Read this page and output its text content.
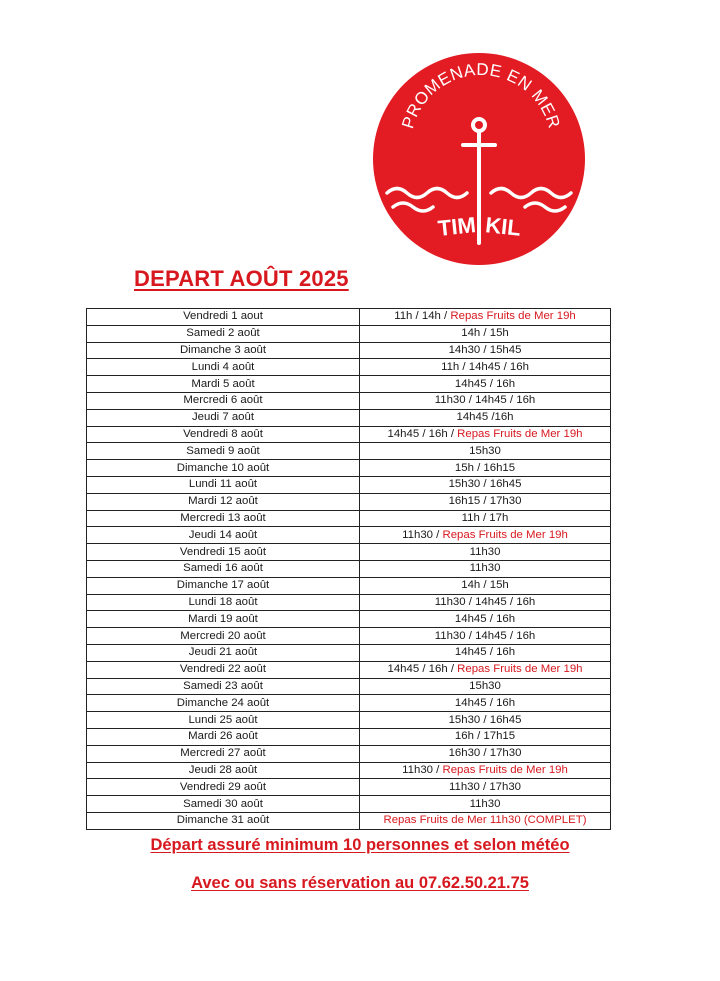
PROMENADE EN MER
TIM KIL
DEPART AOÛT 2025
Vendredi 1 aout	11h / 14h / Repas Fruits de Mer 19h
Samedi 2 août	14h / 15h
Dimanche 3 août	14h30 / 15h45
Lundi 4 août	11h / 14h45 / 16h
Mardi 5 août	14h45 / 16h
Mercredi 6 août	11h30 / 14h45 / 16h
Jeudi 7 août	14h45 /16h
Vendredi 8 août	14h45 / 16h / Repas Fruits de Mer 19h
Samedi 9 août	15h30
Dimanche 10 août	15h / 16h15
Lundi 11 août	15h30 / 16h45
Mardi 12 août	16h15 / 17h30
Mercredi 13 août	11h / 17h
Jeudi 14 août	11h30 / Repas Fruits de Mer 19h
Vendredi 15 août	11h30
Samedi 16 août	11h30
Dimanche 17 août	14h / 15h
Lundi 18 août	11h30 / 14h45 / 16h
Mardi 19 août	14h45 / 16h
Mercredi 20 août	11h30 / 14h45 / 16h
Jeudi 21 août	14h45 / 16h
Vendredi 22 août	14h45 / 16h / Repas Fruits de Mer 19h
Samedi 23 août	15h30
Dimanche 24 août	14h45 / 16h
Lundi 25 août	15h30 / 16h45
Mardi 26 août	16h / 17h15
Mercredi 27 août	16h30 / 17h30
Jeudi 28 août	11h30 / Repas Fruits de Mer 19h
Vendredi 29 août	11h30 / 17h30
Samedi 30 août	11h30
Dimanche 31 août	Repas Fruits de Mer 11h30 (COMPLET)
Départ assuré minimum 10 personnes et selon météo
Avec ou sans réservation au 07.62.50.21.75
